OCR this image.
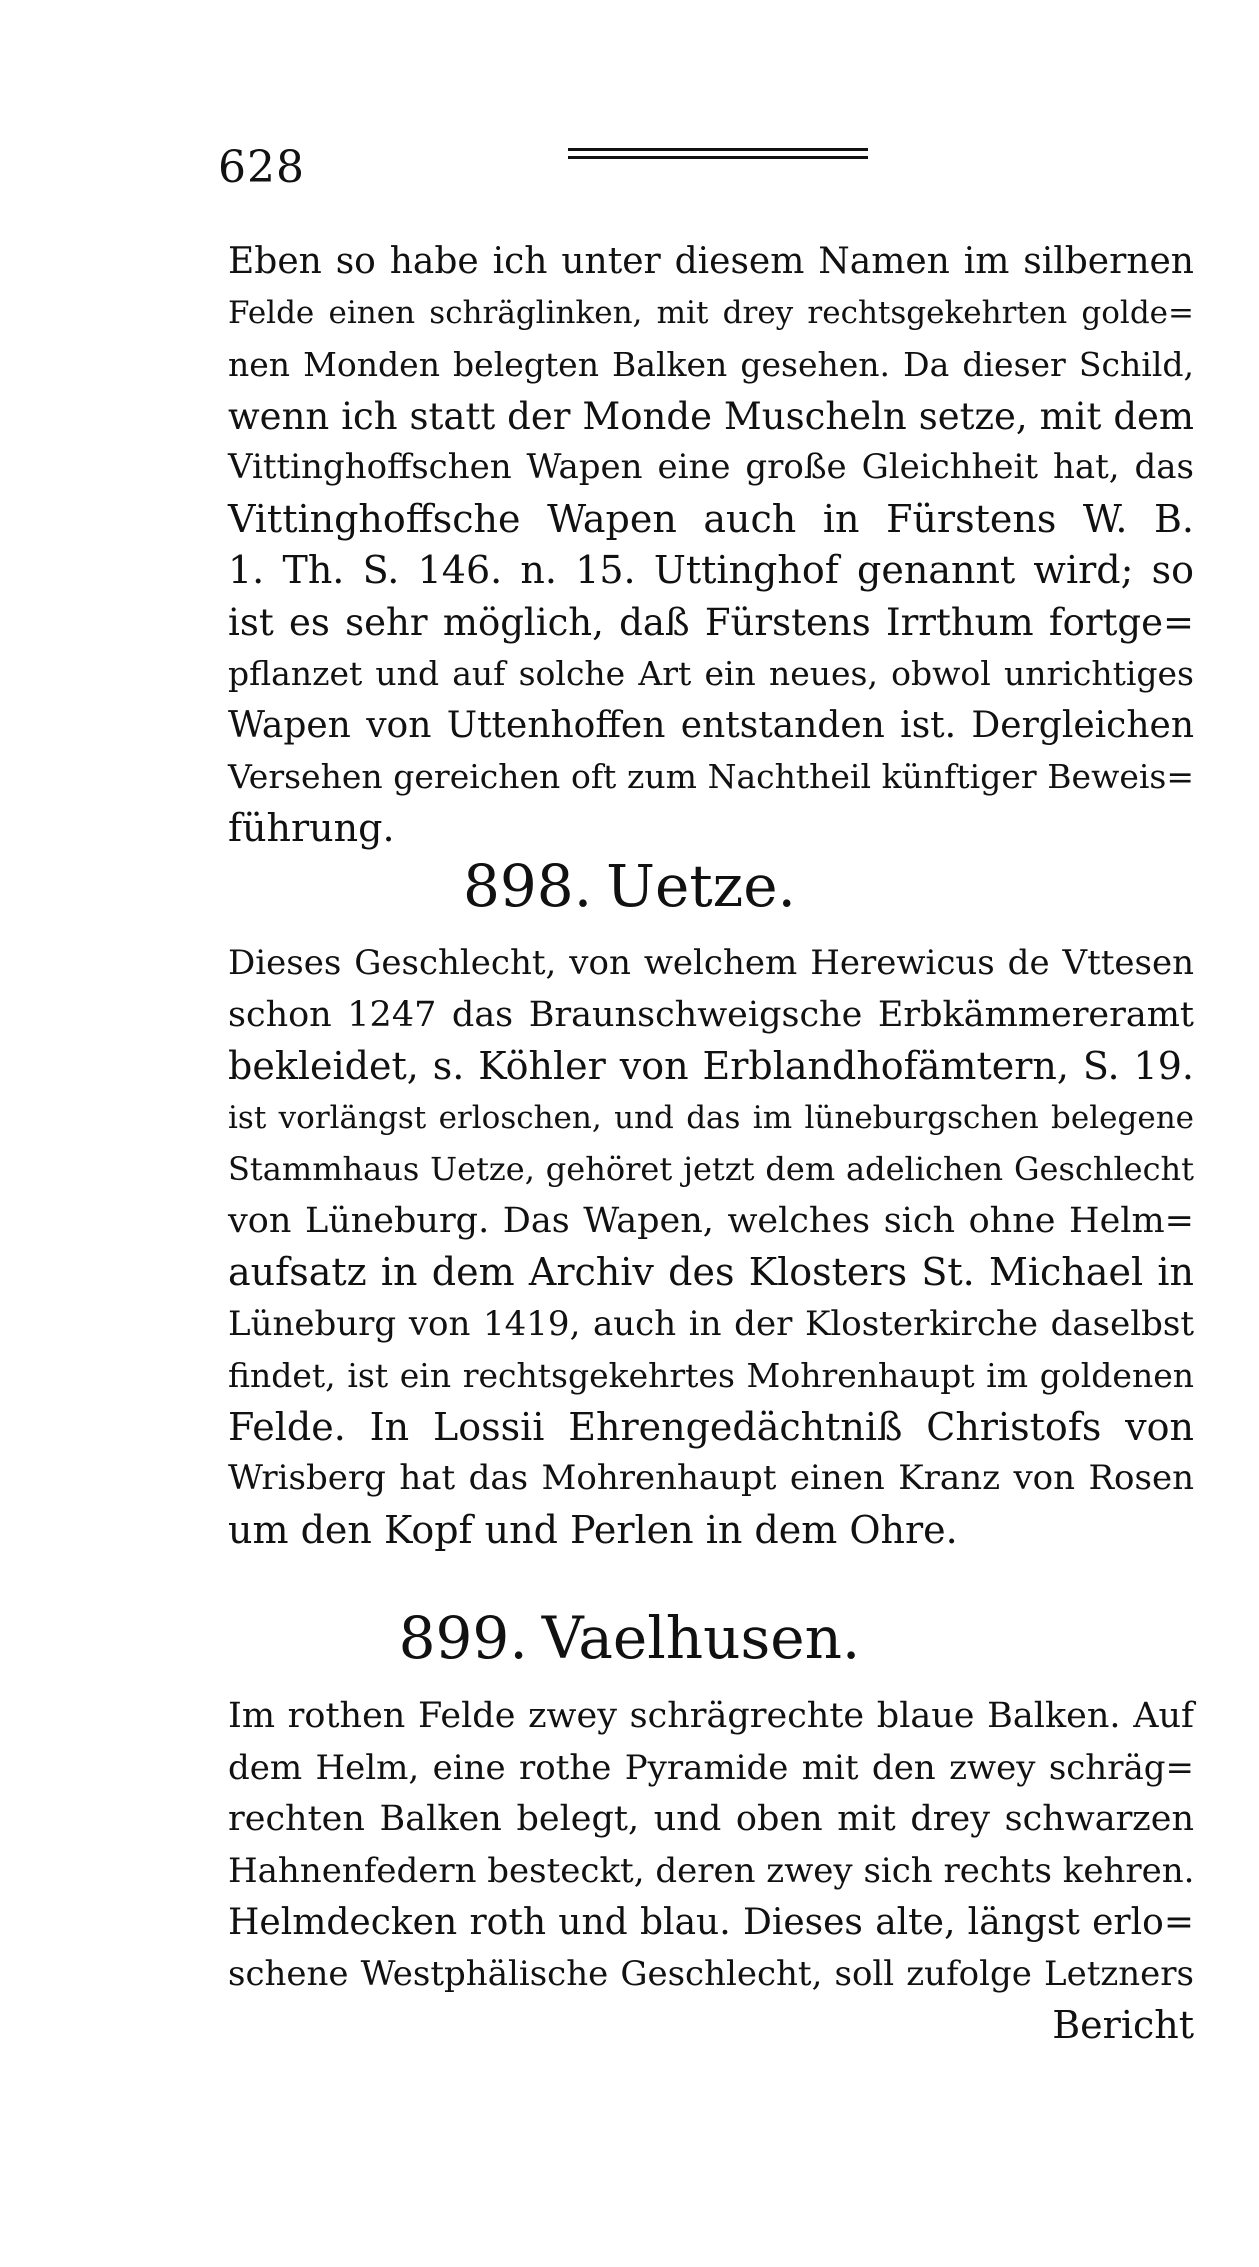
628
Eben so habe ich unter diesem Namen im silbernen
Felde einen schräglinken, mit drey rechtsgekehrten golde=
nen Monden belegten Balken gesehen. Da dieser Schild,
wenn ich statt der Monde Muscheln setze, mit dem
Vittinghoffschen Wapen eine große Gleichheit hat, das
Vittinghoffsche Wapen auch in Fürstens W. B.
1. Th. S. 146. n. 15. Uttinghof genannt wird; so
ist es sehr möglich, daß Fürstens Irrthum fortge=
pflanzet und auf solche Art ein neues, obwol unrichtiges
Wapen von Uttenhoffen entstanden ist. Dergleichen
Versehen gereichen oft zum Nachtheil künftiger Beweis=
führung.
898. Uetze.
Dieses Geschlecht, von welchem Herewicus de Vttesen
schon 1247 das Braunschweigsche Erbkämmereramt
bekleidet, s. Köhler von Erblandhofämtern, S. 19.
ist vorlängst erloschen, und das im lüneburgschen belegene
Stammhaus Uetze, gehöret jetzt dem adelichen Geschlecht
von Lüneburg. Das Wapen, welches sich ohne Helm=
aufsatz in dem Archiv des Klosters St. Michael in
Lüneburg von 1419, auch in der Klosterkirche daselbst
findet, ist ein rechtsgekehrtes Mohrenhaupt im goldenen
Felde. In Lossii Ehrengedächtniß Christofs von
Wrisberg hat das Mohrenhaupt einen Kranz von Rosen
um den Kopf und Perlen in dem Ohre.
899. Vaelhusen.
Im rothen Felde zwey schrägrechte blaue Balken. Auf
dem Helm, eine rothe Pyramide mit den zwey schräg=
rechten Balken belegt, und oben mit drey schwarzen
Hahnenfedern besteckt, deren zwey sich rechts kehren.
Helmdecken roth und blau. Dieses alte, längst erlo=
schene Westphälische Geschlecht, soll zufolge Letzners
Bericht
